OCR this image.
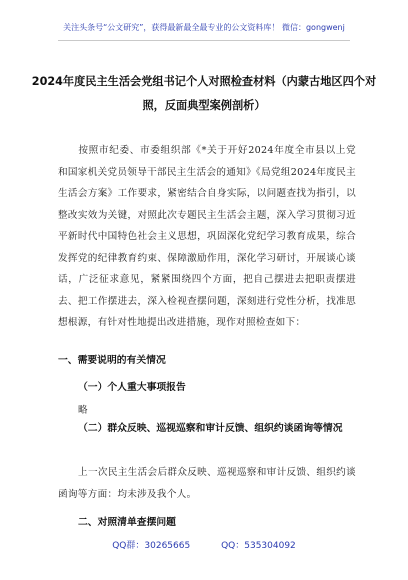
关注头条号“公文研究”，获得最新最全最专业的公文资料库！ 微信：gongwenj
2024年度民主生活会党组书记个人对照检查材料（内蒙古地区四个对照，反面典型案例剖析）
按照市纪委、市委组织部《*关于开好2024年度全市县以上党和国家机关党员领导干部民主生活会的通知》《局党组2024年度民主生活会方案》工作要求，紧密结合自身实际，以问题查找为指引，以整改实效为关键，对照此次专题民主生活会主题，深入学习贯彻习近平新时代中国特色社会主义思想，巩固深化党纪学习教育成果，综合发挥党的纪律教育约束、保障激励作用，深化学习研讨，开展谈心谈话，广泛征求意见，紧紧围绕四个方面，把自己摆进去把职责摆进去、把工作摆进去，深入检视查摆问题，深刻进行党性分析，找准思想根源，有针对性地提出改进措施，现作对照检查如下：
一、需要说明的有关情况
（一）个人重大事项报告
略
（二）群众反映、巡视巡察和审计反馈、组织约谈函询等情况
上一次民主生活会后群众反映、巡视巡察和审计反馈、组织约谈函询等方面：均未涉及我个人。
二、对照清单查摆问题
QQ群：30265665	QQ：535304092
